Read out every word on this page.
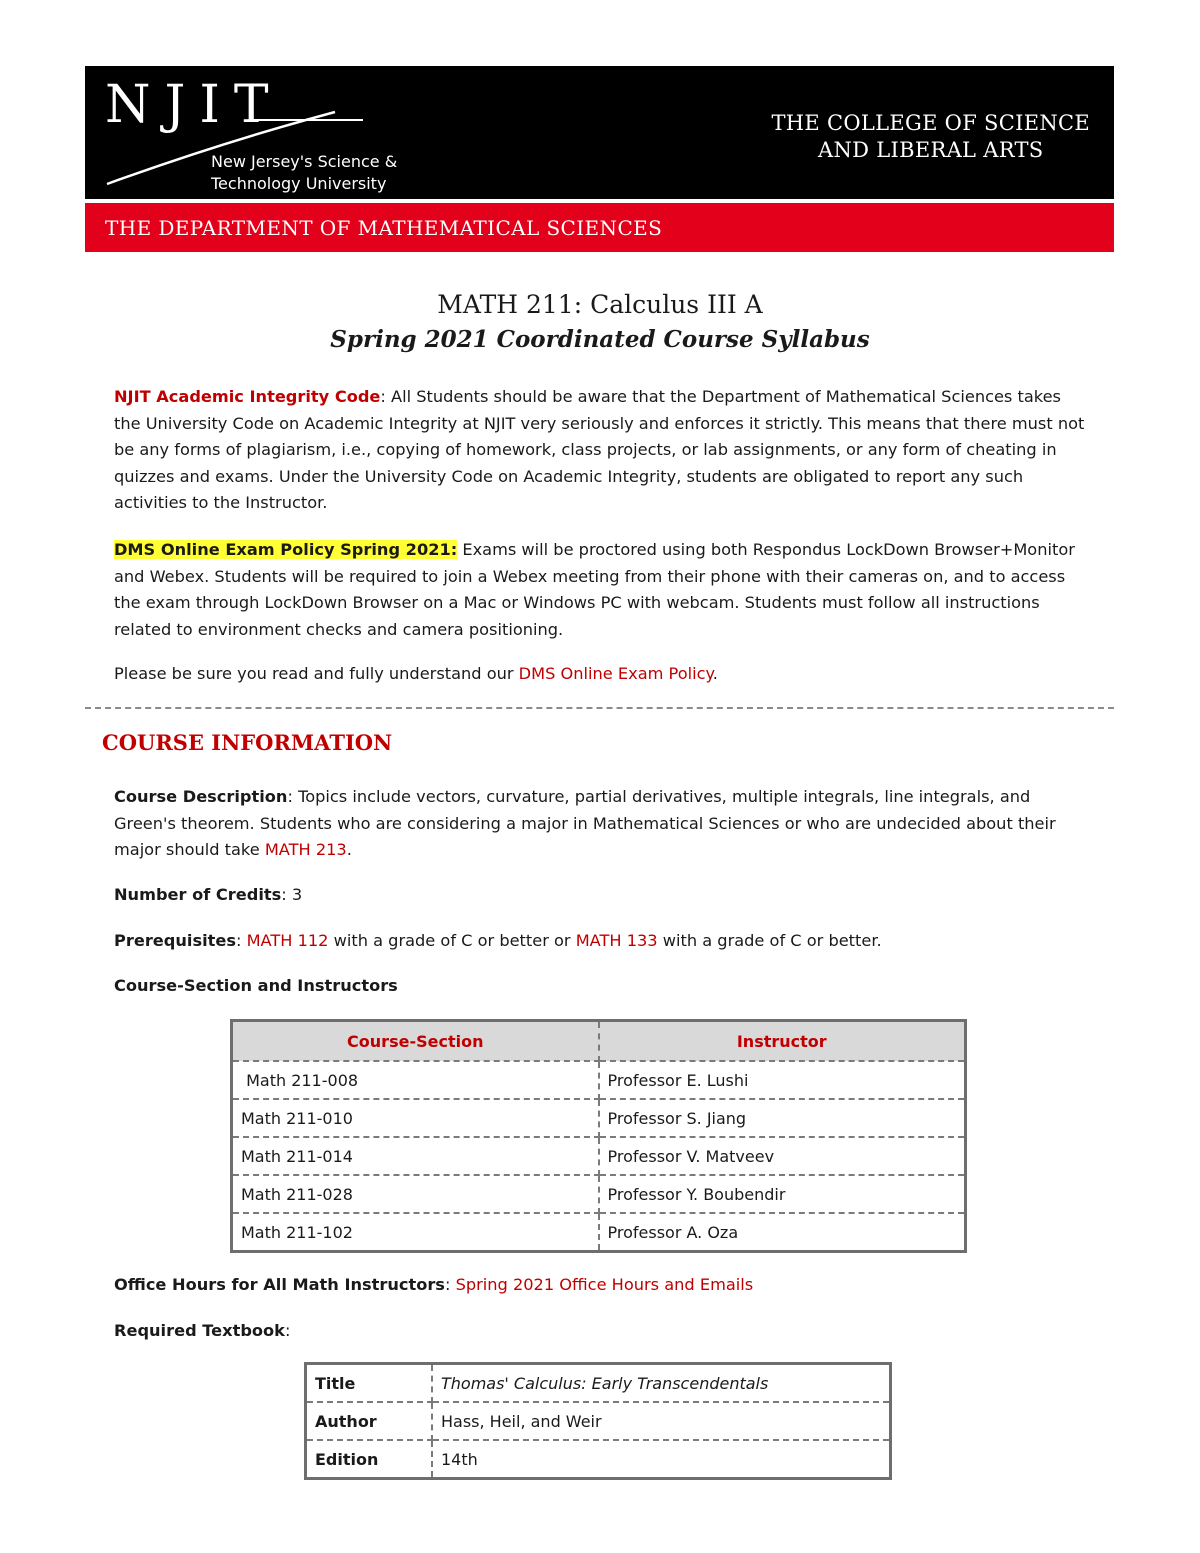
NJIT
New Jersey's Science &
Technology University
THE COLLEGE OF SCIENCE
AND LIBERAL ARTS
THE DEPARTMENT OF MATHEMATICAL SCIENCES
MATH 211: Calculus III A
Spring 2021 Coordinated Course Syllabus
NJIT Academic Integrity Code: All Students should be aware that the Department of Mathematical Sciences takes the University Code on Academic Integrity at NJIT very seriously and enforces it strictly. This means that there must not be any forms of plagiarism, i.e., copying of homework, class projects, or lab assignments, or any form of cheating in quizzes and exams. Under the University Code on Academic Integrity, students are obligated to report any such activities to the Instructor.
DMS Online Exam Policy Spring 2021: Exams will be proctored using both Respondus LockDown Browser+Monitor and Webex. Students will be required to join a Webex meeting from their phone with their cameras on, and to access the exam through LockDown Browser on a Mac or Windows PC with webcam. Students must follow all instructions related to environment checks and camera positioning.
Please be sure you read and fully understand our DMS Online Exam Policy.
COURSE INFORMATION
Course Description: Topics include vectors, curvature, partial derivatives, multiple integrals, line integrals, and Green's theorem. Students who are considering a major in Mathematical Sciences or who are undecided about their major should take MATH 213.
Number of Credits: 3
Prerequisites: MATH 112 with a grade of C or better or MATH 133 with a grade of C or better.
Course-Section and Instructors
Course-Section	Instructor
Math 211-008	Professor E. Lushi
Math 211-010	Professor S. Jiang
Math 211-014	Professor V. Matveev
Math 211-028	Professor Y. Boubendir
Math 211-102	Professor A. Oza
Office Hours for All Math Instructors: Spring 2021 Office Hours and Emails
Required Textbook:
Title	Thomas' Calculus: Early Transcendentals
Author	Hass, Heil, and Weir
Edition	14th
